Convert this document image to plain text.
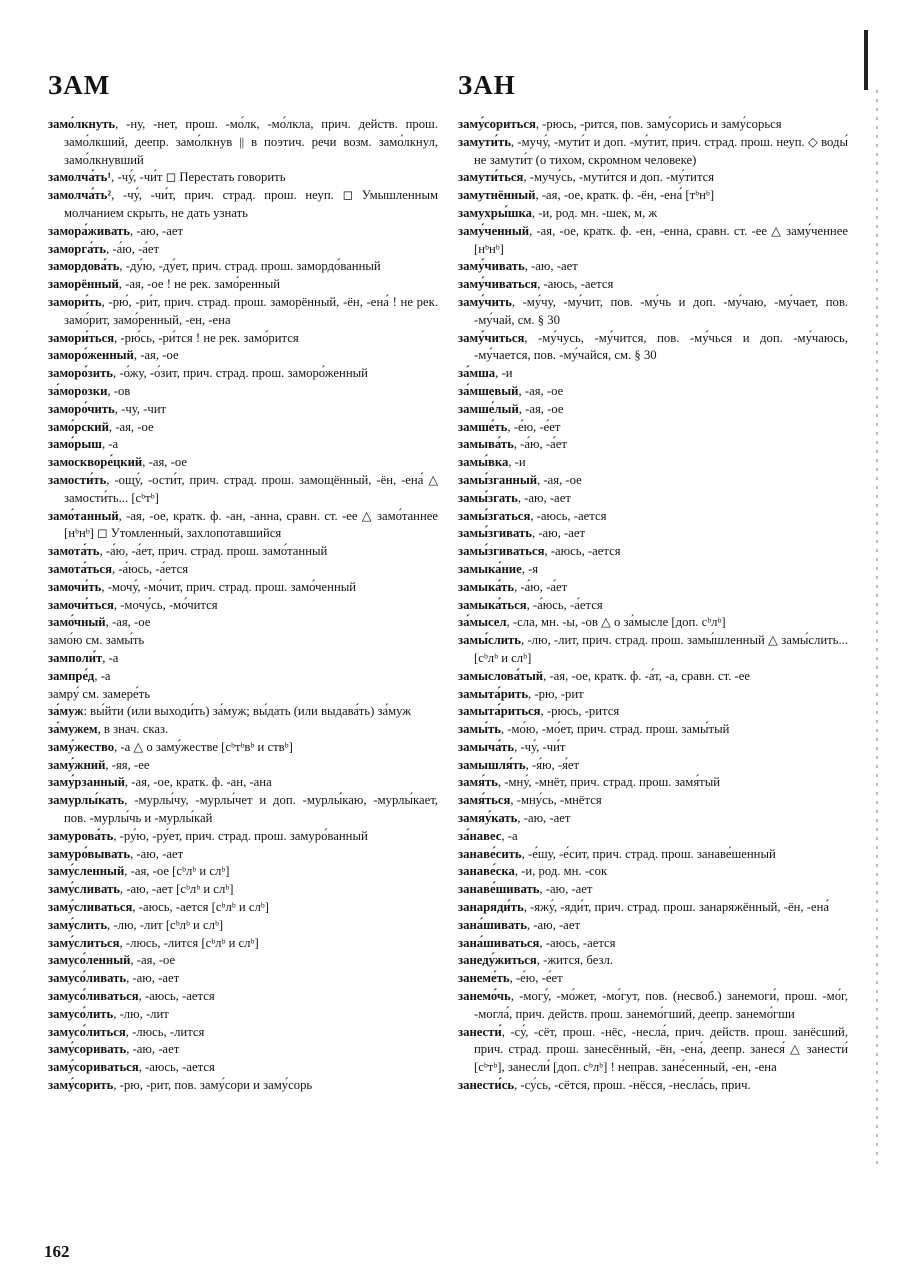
ЗАМ	ЗАН

замо́лкнуть, -ну, -нет, прош. -мо́лк, -мо́лкла, прич. действ. прош. замо́лкший, деепр. замо́лкнув || в поэтич. речи возм. замо́лкнул, замо́лкнувший

замолча́ть¹, -чу́, -чи́т ◻ Перестать говорить

замолча́ть², -чу́, -чи́т, прич. страд. прош. неуп. ◻ Умышленным молчанием скрыть, не дать узнать

замора́живать, -аю, -ает

заморга́ть, -а́ю, -а́ет

замордова́ть, -ду́ю, -ду́ет, прич. страд. прош. замордо́ванный

заморённый, -ая, -ое ! не рек. замо́ренный

замори́ть, -рю́, -ри́т, прич. страд. прош. заморённый, -ён, -ена́ ! не рек. замо́рит, замо́ренный, -ен, -ена

замори́ться, -рю́сь, -ри́тся ! не рек. замо́рится

заморо́женный, -ая, -ое

заморо́зить, -о́жу, -о́зит, прич. страд. прош. заморо́женный

за́морозки, -ов

заморо́чить, -чу, -чит

замо́рский, -ая, -ое

замо́рыш, -а

замоскворе́цкий, -ая, -ое

замости́ть, -ощу́, -ости́т, прич. страд. прош. замощённый, -ён, -ена́ △ замости́ть... [сᵇтᵇ]

замо́танный, -ая, -ое, кратк. ф. -ан, -анна, сравн. ст. -ее △ замо́таннее [нᵇнᵇ] ◻ Утомленный, захлопотавшийся

замота́ть, -а́ю, -а́ет, прич. страд. прош. замо́танный

замота́ться, -а́юсь, -а́ется

замочи́ть, -мочу́, -мо́чит, прич. страд. прош. замо́ченный

замочи́ться, -мочу́сь, -мо́чится

замо́чный, -ая, -ое

замо́ю см. замы́ть

замполи́т, -а

зампре́д, -а

замру́ см. замере́ть

за́муж: вы́йти (или выходи́ть) за́муж; вы́дать (или выдава́ть) за́муж

за́мужем, в знач. сказ.

заму́жество, -а △ о заму́жестве [сᵇтᵇвᵇ и ствᵇ]

заму́жний, -яя, -ее

заму́рзанный, -ая, -ое, кратк. ф. -ан, -ана

замурлы́кать, -мурлы́чу, -мурлы́чет и доп. -мурлы́каю, -мурлы́кает, пов. -мурлы́чь и -мурлы́кай

замурова́ть, -ру́ю, -ру́ет, прич. страд. прош. замуро́ванный

замуро́вывать, -аю, -ает

заму́сленный, -ая, -ое [сᵇлᵇ и слᵇ]

заму́сливать, -аю, -ает [сᵇлᵇ и слᵇ]

заму́сливаться, -аюсь, -ается [сᵇлᵇ и слᵇ]

заму́слить, -лю, -лит [сᵇлᵇ и слᵇ]

заму́слиться, -люсь, -лится [сᵇлᵇ и слᵇ]

замусо́ленный, -ая, -ое

замусо́ливать, -аю, -ает

замусо́ливаться, -аюсь, -ается

замусо́лить, -лю, -лит

замусо́литься, -люсь, -лится

заму́соривать, -аю, -ает

заму́сориваться, -аюсь, -ается

заму́сорить, -рю, -рит, пов. заму́сори и заму́сорь

заму́сориться, -рюсь, -рится, пов. заму́сорись и заму́сорься

замути́ть, -мучу́, -мути́т и доп. -му́тит, прич. страд. прош. неуп. ◇ воды́ не замути́т (о тихом, скромном человеке)

замути́ться, -мучу́сь, -мути́тся и доп. -му́тится

замутнённый, -ая, -ое, кратк. ф. -ён, -ена́ [тᵇнᵇ]

замухры́шка, -и, род. мн. -шек, м, ж

заму́ченный, -ая, -ое, кратк. ф. -ен, -енна, сравн. ст. -ее △ заму́ченнее [нᵇнᵇ]

заму́чивать, -аю, -ает

заму́чиваться, -аюсь, -ается

заму́чить, -му́чу, -му́чит, пов. -му́чь и доп. -му́чаю, -му́чает, пов. -му́чай, см. § 30

заму́читься, -му́чусь, -му́чится, пов. -му́чься и доп. -му́чаюсь, -му́чается, пов. -му́чайся, см. § 30

за́мша, -и

за́мшевый, -ая, -ое

замше́лый, -ая, -ое

замше́ть, -е́ю, -е́ет

замыва́ть, -а́ю, -а́ет

замы́вка, -и

замы́зганный, -ая, -ое

замы́згать, -аю, -ает

замы́згаться, -аюсь, -ается

замы́згивать, -аю, -ает

замы́згиваться, -аюсь, -ается

замыка́ние, -я

замыка́ть, -а́ю, -а́ет

замыка́ться, -а́юсь, -а́ется

за́мысел, -сла, мн. -ы, -ов △ о за́мысле [доп. сᵇлᵇ]

замы́слить, -лю, -лит, прич. страд. прош. замы́шленный △ замы́слить... [сᵇлᵇ и слᵇ]

замыслова́тый, -ая, -ое, кратк. ф. -а́т, -а, сравн. ст. -ее

замыта́рить, -рю, -рит

замыта́риться, -рюсь, -рится

замы́ть, -мо́ю, -мо́ет, прич. страд. прош. замы́тый

замыча́ть, -чу́, -чи́т

замышля́ть, -я́ю, -я́ет

замя́ть, -мну́, -мнёт, прич. страд. прош. замя́тый

замя́ться, -мну́сь, -мнётся

замяу́кать, -аю, -ает

за́навес, -а

занаве́сить, -е́шу, -е́сит, прич. страд. прош. занаве́шенный

занаве́ска, -и, род. мн. -сок

занаве́шивать, -аю, -ает

занаряди́ть, -яжу́, -яди́т, прич. страд. прош. занаряжённый, -ён, -ена́

зана́шивать, -аю, -ает

зана́шиваться, -аюсь, -ается

занеду́житься, -жится, безл.

занеме́ть, -е́ю, -е́ет

занемо́чь, -могу́, -мо́жет, -мо́гут, пов. (несвоб.) занемоги́, прош. -мо́г, -могла́, прич. действ. прош. занемо́гший, деепр. занемо́гши

занести́, -су́, -сёт, прош. -нёс, -несла́, прич. действ. прош. занёсший, прич. страд. прош. занесённый, -ён, -ена́, деепр. занеся́ △ занести́ [сᵇтᵇ], занесли́ [доп. сᵇлᵇ] ! неправ. зане́сенный, -ен, -ена

занести́сь, -су́сь, -сётся, прош. -нёсся, -несла́сь, прич.

162
